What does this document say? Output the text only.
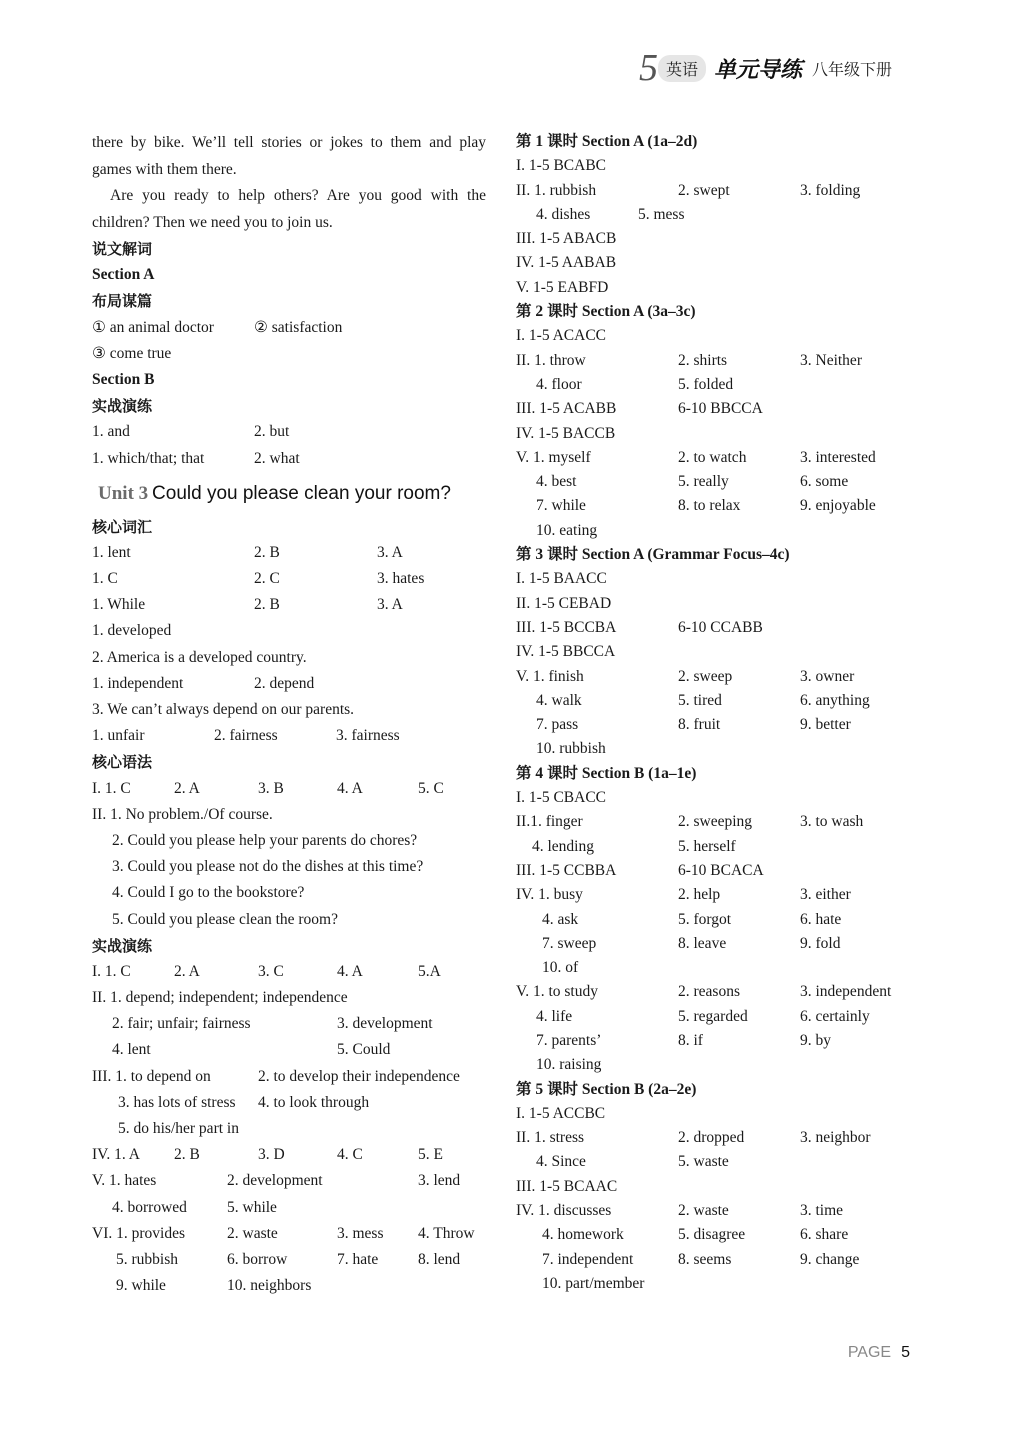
5 英语 单元导练 八年级下册

there by bike. We’ll tell stories or jokes to them and play games with them there.

Are you ready to help others? Are you good with the children? Then we need you to join us.

说文解词
Section A
布局谋篇
① an animal doctor	② satisfaction
③ come true
Section B
实战演练
1. and	2. but
1. which/that; that	2. what
Unit 3 Could you please clean your room?
核心词汇
1. lent	2. B	3. A
1. C	2. C	3. hates
1. While	2. B	3. A
1. developed
2. America is a developed country.
1. independent	2. depend
3. We can’t always depend on our parents.
1. unfair	2. fairness	3. fairness
核心语法
I. 1. C	2. A	3. B	4. A	5. C
II. 1. No problem./Of course.
2. Could you please help your parents do chores?
3. Could you please not do the dishes at this time?
4. Could I go to the bookstore?
5. Could you please clean the room?
实战演练
I. 1. C	2. A	3. C	4. A	5.A
II. 1. depend; independent; independence
2. fair; unfair; fairness	3. development
4. lent	5. Could
III. 1. to depend on	2. to develop their independence
3. has lots of stress 4. to look through
5. do his/her part in
IV. 1. A 2. B	3. D	4. C	5. E
V. 1. hates	2. development	3. lend
4. borrowed	5. while
VI. 1. provides	2. waste	3. mess 4. Throw
5. rubbish	6. borrow	7. hate	8. lend
9. while	10. neighbors
第 1 课时 Section A (1a–2d)
I. 1-5 BCABC
II. 1. rubbish	2. swept	3. folding
4. dishes	5. mess
III. 1-5 ABACB
IV. 1-5 AABAB
V. 1-5 EABFD
第 2 课时 Section A (3a–3c)
I. 1-5 ACACC
II. 1. throw	2. shirts	3. Neither
4. floor	5. folded
III. 1-5 ACABB	6-10 BBCCA
IV. 1-5 BACCB
V. 1. myself	2. to watch	3. interested
4. best	5. really	6. some
7. while	8. to relax	9. enjoyable
10. eating
第 3 课时 Section A (Grammar Focus–4c)
I. 1-5 BAACC
II. 1-5 CEBAD
III. 1-5 BCCBA	6-10 CCABB
IV. 1-5 BBCCA
V. 1. finish	2. sweep	3. owner
4. walk	5. tired	6. anything
7. pass	8. fruit	9. better
10. rubbish
第 4 课时 Section B (1a–1e)
I. 1-5 CBACC
II.1. finger	2. sweeping	3. to wash
4. lending	5. herself
III. 1-5 CCBBA	6-10 BCACA
IV. 1. busy	2. help	3. either
4. ask	5. forgot	6. hate
7. sweep	8. leave	9. fold
10. of
V. 1. to study	2. reasons	3. independent
4. life	5. regarded	6. certainly
7. parents’	8. if	9. by
10. raising
第 5 课时 Section B (2a–2e)
I. 1-5 ACCBC
II. 1. stress	2. dropped	3. neighbor
4. Since	5. waste
III. 1-5 BCAAC
IV. 1. discusses	2. waste	3. time
4. homework	5. disagree	6. share
7. independent	8. seems	9. change
10. part/member
PAGE 5
